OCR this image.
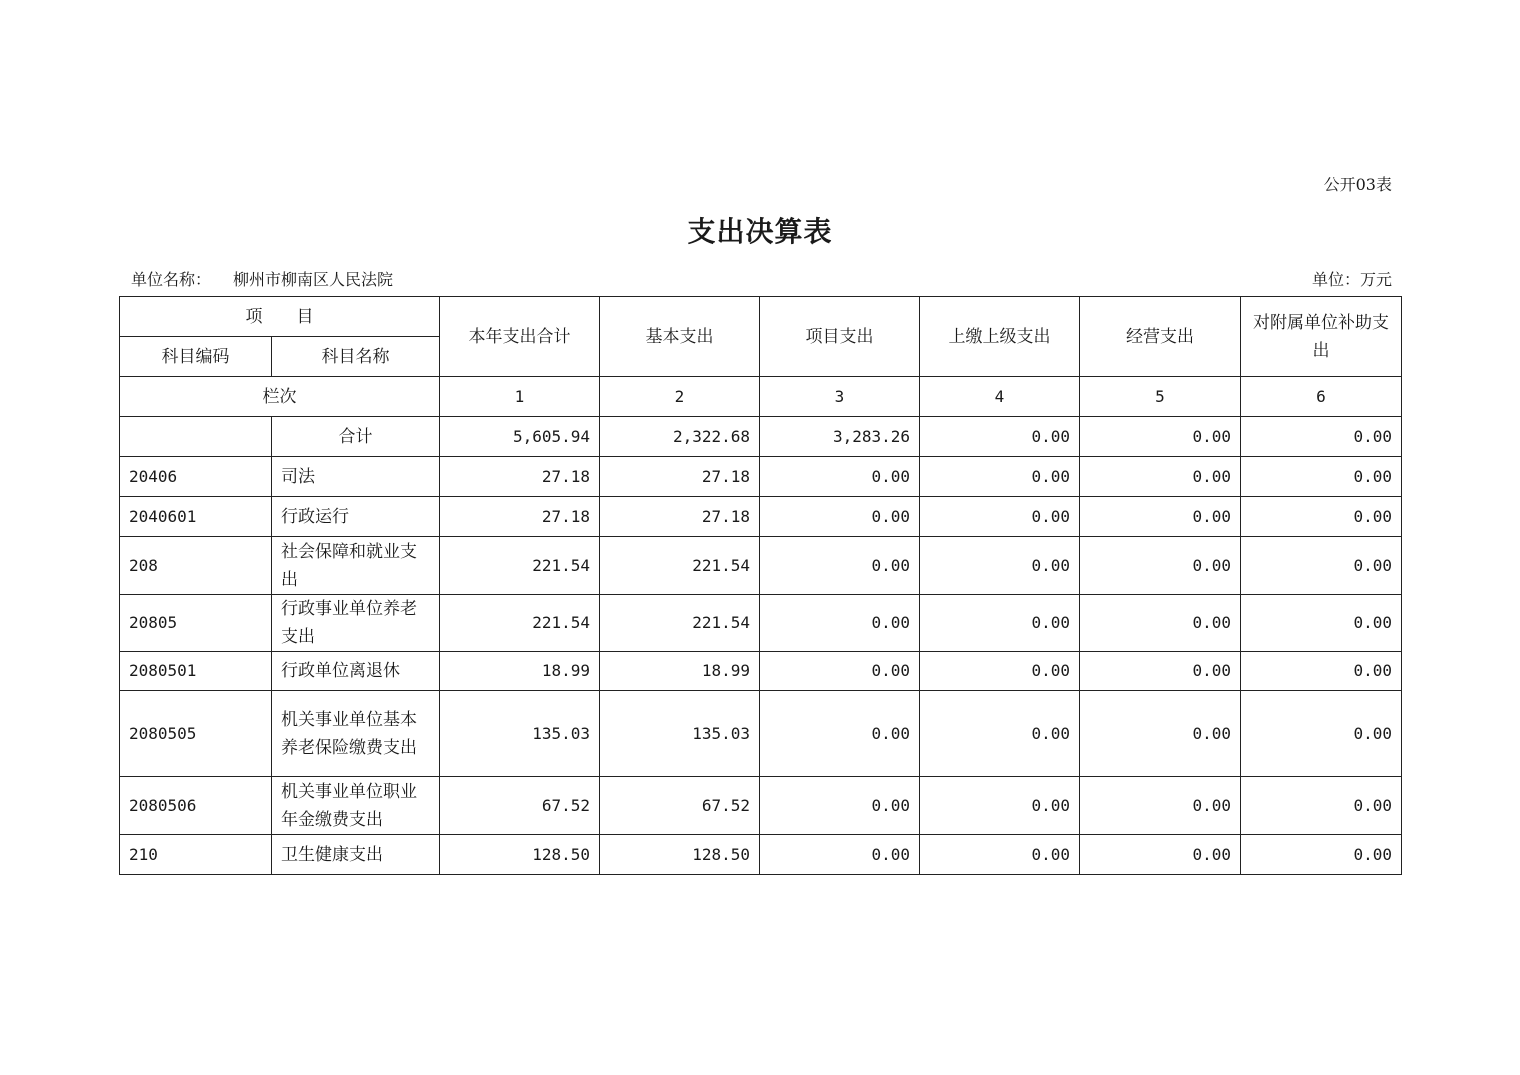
公开03表
支出决算表
单位名称： 柳州市柳南区人民法院	单位：万元
项　　目		本年支出合计	基本支出	项目支出	上缴上级支出	经营支出	对附属单位补助支出
科目编码	科目名称						
栏次		1	2	3	4	5	6
	合计	5,605.94	2,322.68	3,283.26	0.00	0.00	0.00
20406	司法	27.18	27.18	0.00	0.00	0.00	0.00
2040601	行政运行	27.18	27.18	0.00	0.00	0.00	0.00
208	社会保障和就业支出	221.54	221.54	0.00	0.00	0.00	0.00
20805	行政事业单位养老支出	221.54	221.54	0.00	0.00	0.00	0.00
2080501	行政单位离退休	18.99	18.99	0.00	0.00	0.00	0.00
2080505	机关事业单位基本养老保险缴费支出	135.03	135.03	0.00	0.00	0.00	0.00
2080506	机关事业单位职业年金缴费支出	67.52	67.52	0.00	0.00	0.00	0.00
210	卫生健康支出	128.50	128.50	0.00	0.00	0.00	0.00
